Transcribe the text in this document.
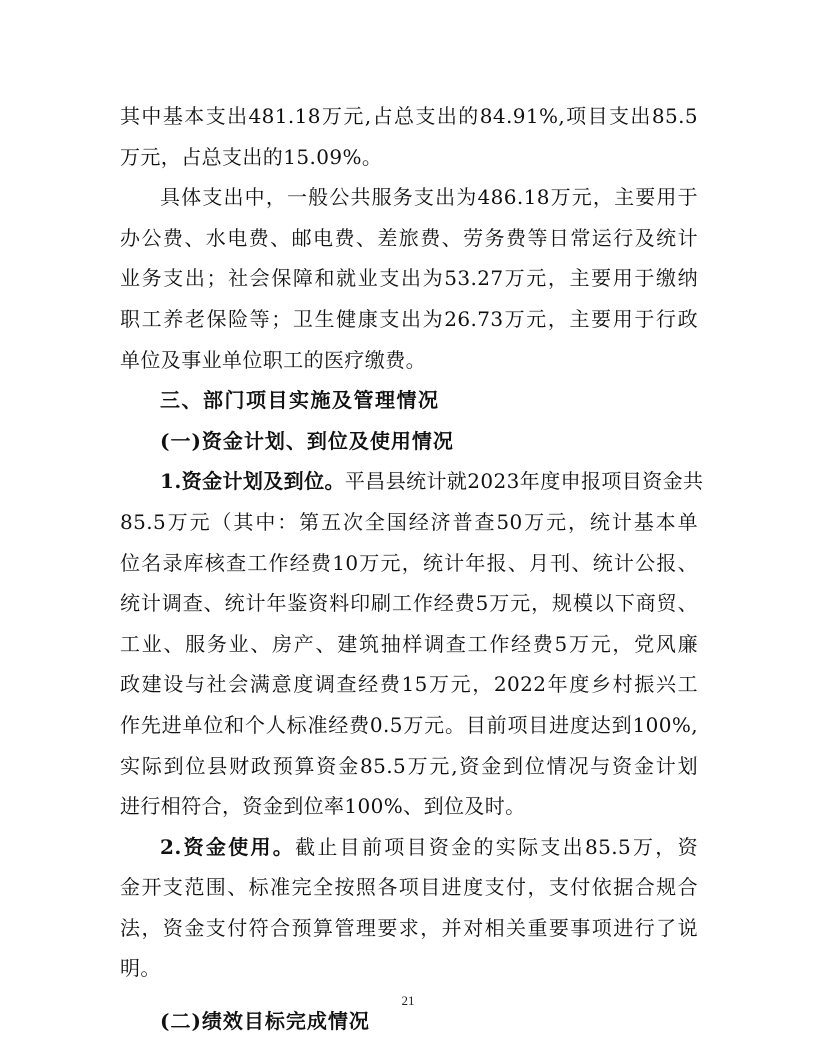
其中基本支出481.18万元,占总支出的84.91%,项目支出85.5
万元，占总支出的15.09%。
具体支出中，一般公共服务支出为486.18万元，主要用于
办公费、水电费、邮电费、差旅费、劳务费等日常运行及统计
业务支出；社会保障和就业支出为53.27万元，主要用于缴纳
职工养老保险等；卫生健康支出为26.73万元，主要用于行政
单位及事业单位职工的医疗缴费。
三、部门项目实施及管理情况
(一)资金计划、到位及使用情况
1.资金计划及到位。平昌县统计就2023年度申报项目资金共
85.5万元（其中：第五次全国经济普查50万元，统计基本单
位名录库核查工作经费10万元，统计年报、月刊、统计公报、
统计调查、统计年鉴资料印刷工作经费5万元，规模以下商贸、
工业、服务业、房产、建筑抽样调查工作经费5万元，党风廉
政建设与社会满意度调查经费15万元，2022年度乡村振兴工
作先进单位和个人标准经费0.5万元。目前项目进度达到100%,
实际到位县财政预算资金85.5万元,资金到位情况与资金计划
进行相符合，资金到位率100%、到位及时。
2.资金使用。截止目前项目资金的实际支出85.5万，资
金开支范围、标准完全按照各项目进度支付，支付依据合规合
法，资金支付符合预算管理要求，并对相关重要事项进行了说
明。
(二)绩效目标完成情况
21
